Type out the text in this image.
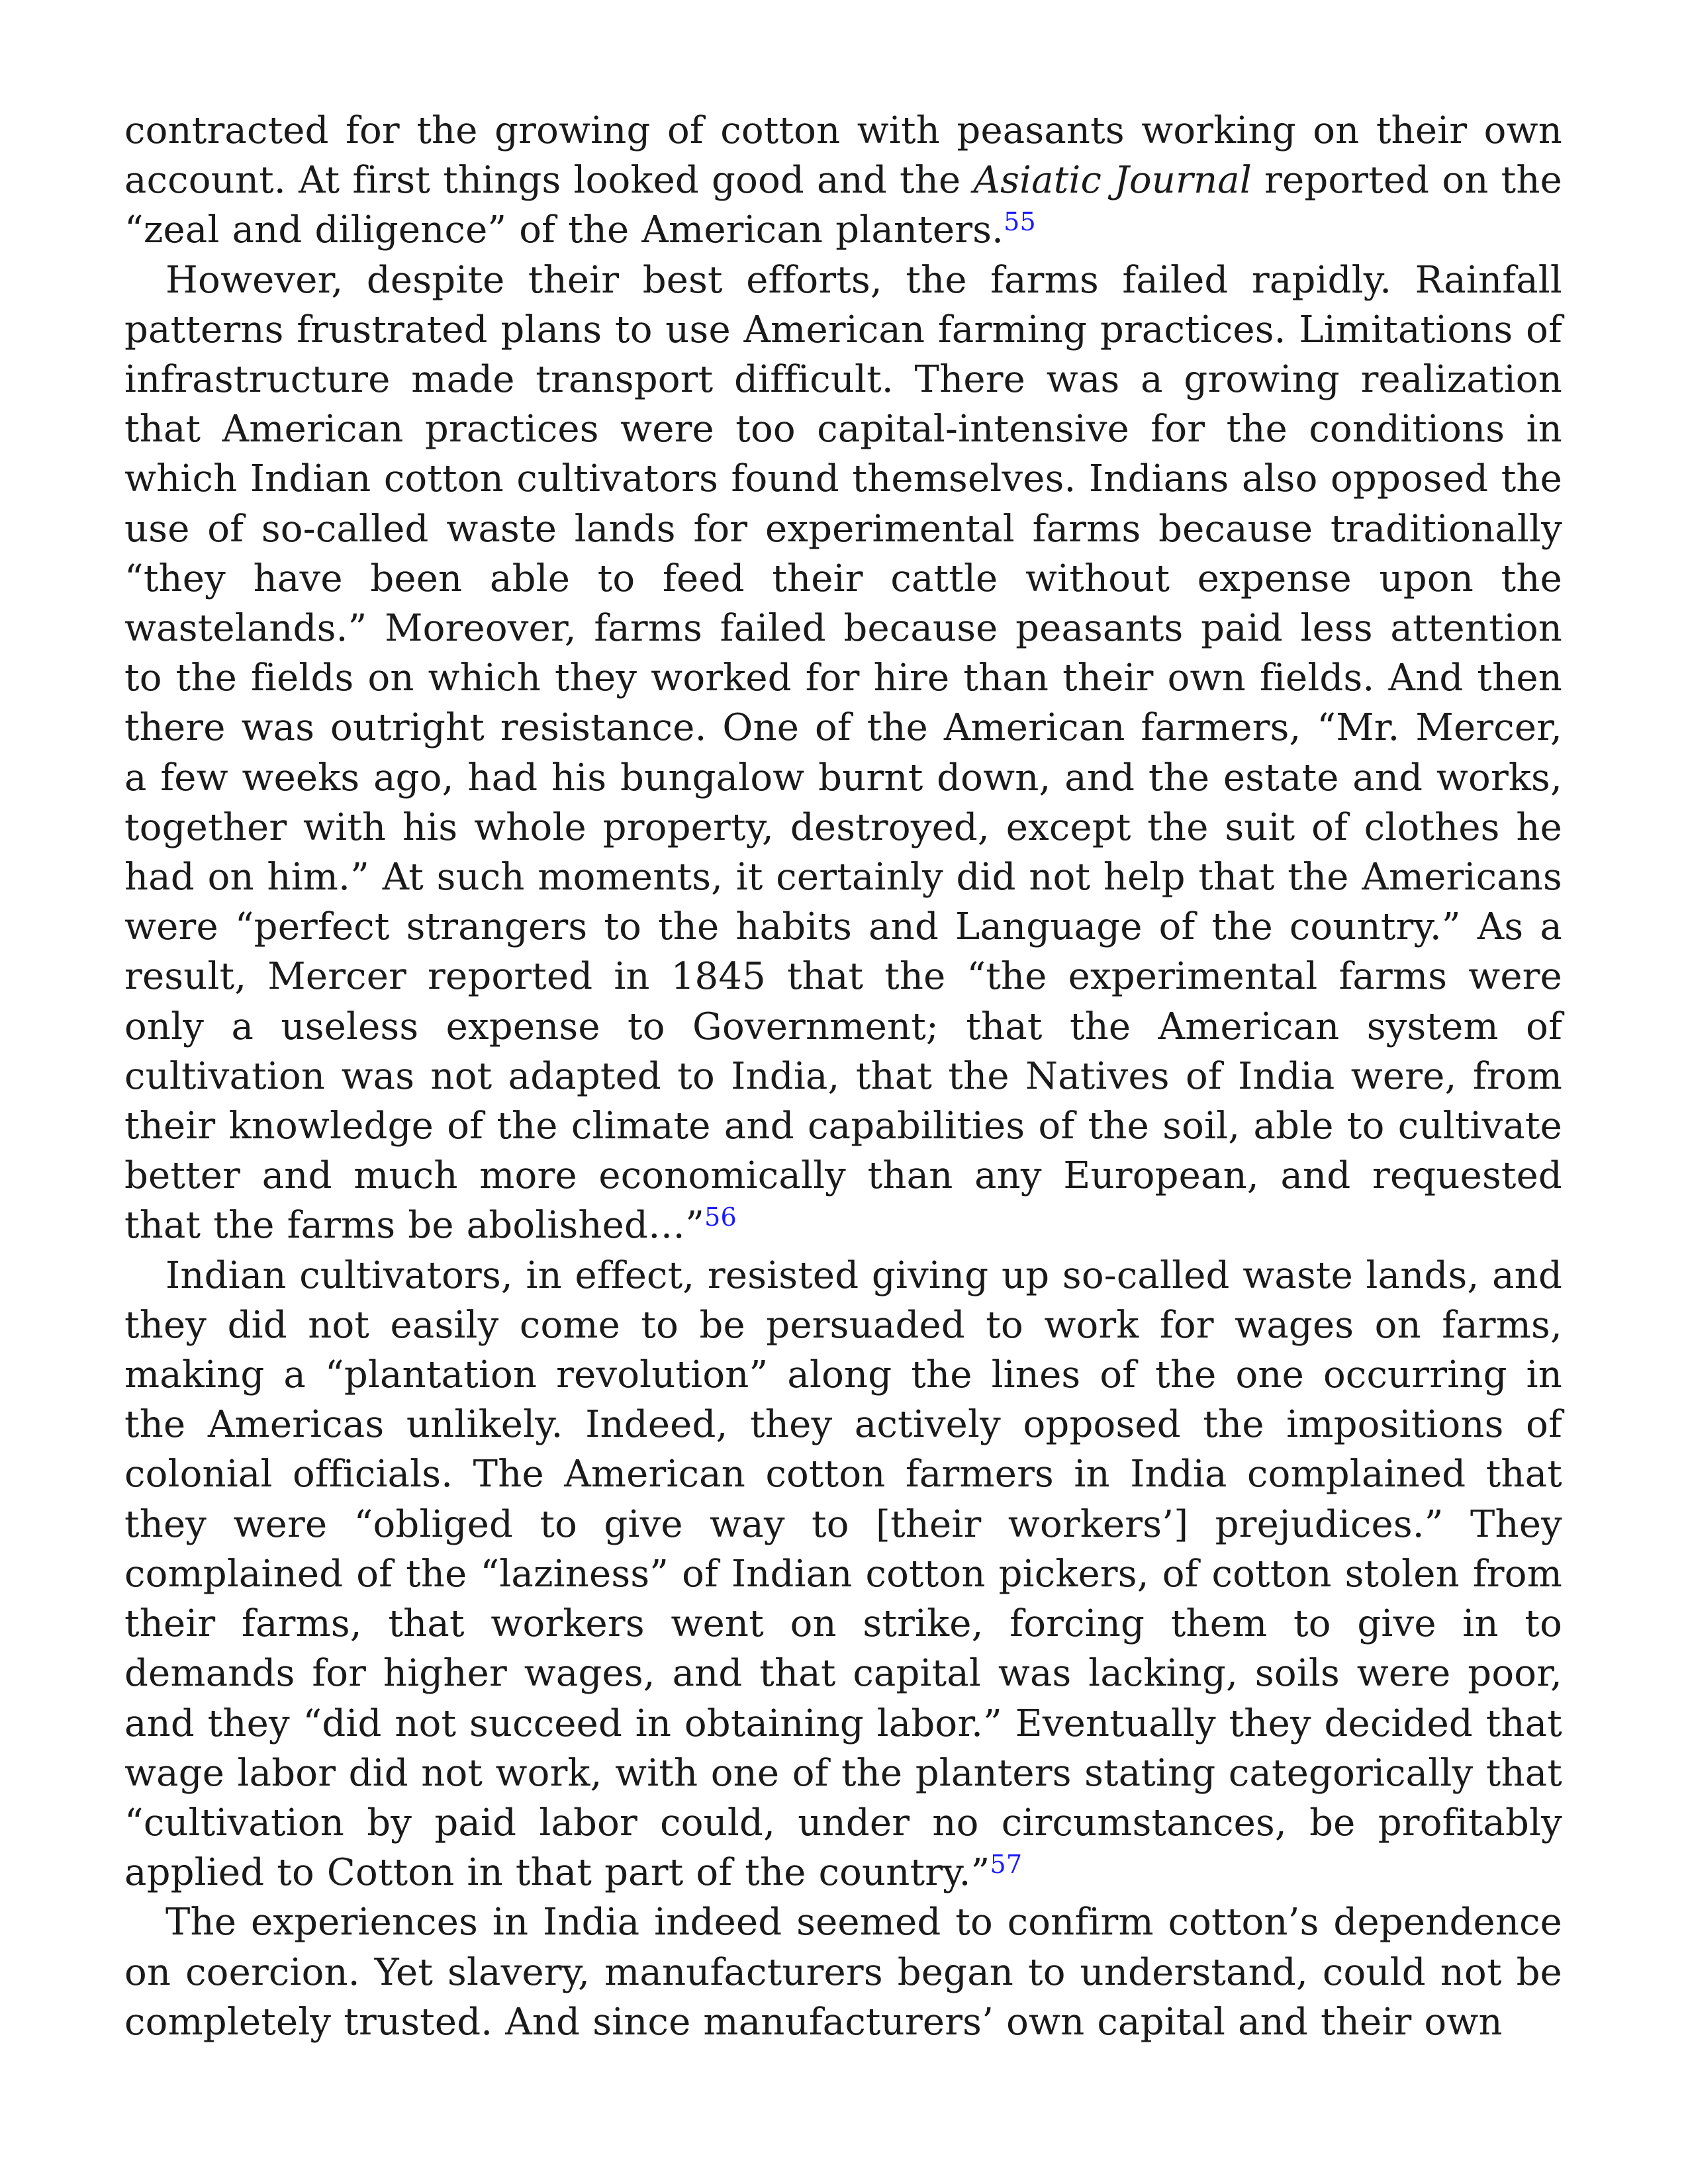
contracted for the growing of cotton with peasants working on their own account. At first things looked good and the Asiatic Journal reported on the “zeal and diligence” of the American planters.$^{55}$

However, despite their best efforts, the farms failed rapidly. Rainfall patterns frustrated plans to use American farming practices. Limitations of infrastructure made transport difficult. There was a growing realization that American practices were too capital-intensive for the conditions in which Indian cotton cultivators found themselves. Indians also opposed the use of so-called waste lands for experimental farms because traditionally “they have been able to feed their cattle without expense upon the wastelands.” Moreover, farms failed because peasants paid less attention to the fields on which they worked for hire than their own fields. And then there was outright resistance. One of the American farmers, “Mr. Mercer, a few weeks ago, had his bungalow burnt down, and the estate and works, together with his whole property, destroyed, except the suit of clothes he had on him.” At such moments, it certainly did not help that the Americans were “perfect strangers to the habits and Language of the country.” As a result, Mercer reported in 1845 that the “the experimental farms were only a useless expense to Government; that the American system of cultivation was not adapted to India, that the Natives of India were, from their knowledge of the climate and capabilities of the soil, able to cultivate better and much more economically than any European, and requested that the farms be abolished…”$^{56}$

Indian cultivators, in effect, resisted giving up so-called waste lands, and they did not easily come to be persuaded to work for wages on farms, making a “plantation revolution” along the lines of the one occurring in the Americas unlikely. Indeed, they actively opposed the impositions of colonial officials. The American cotton farmers in India complained that they were “obliged to give way to [their workers’] prejudices.” They complained of the “laziness” of Indian cotton pickers, of cotton stolen from their farms, that workers went on strike, forcing them to give in to demands for higher wages, and that capital was lacking, soils were poor, and they “did not succeed in obtaining labor.” Eventually they decided that wage labor did not work, with one of the planters stating categorically that “cultivation by paid labor could, under no circumstances, be profitably applied to Cotton in that part of the country.”$^{57}$

The experiences in India indeed seemed to confirm cotton’s dependence on coercion. Yet slavery, manufacturers began to understand, could not be completely trusted. And since manufacturers’ own capital and their own
